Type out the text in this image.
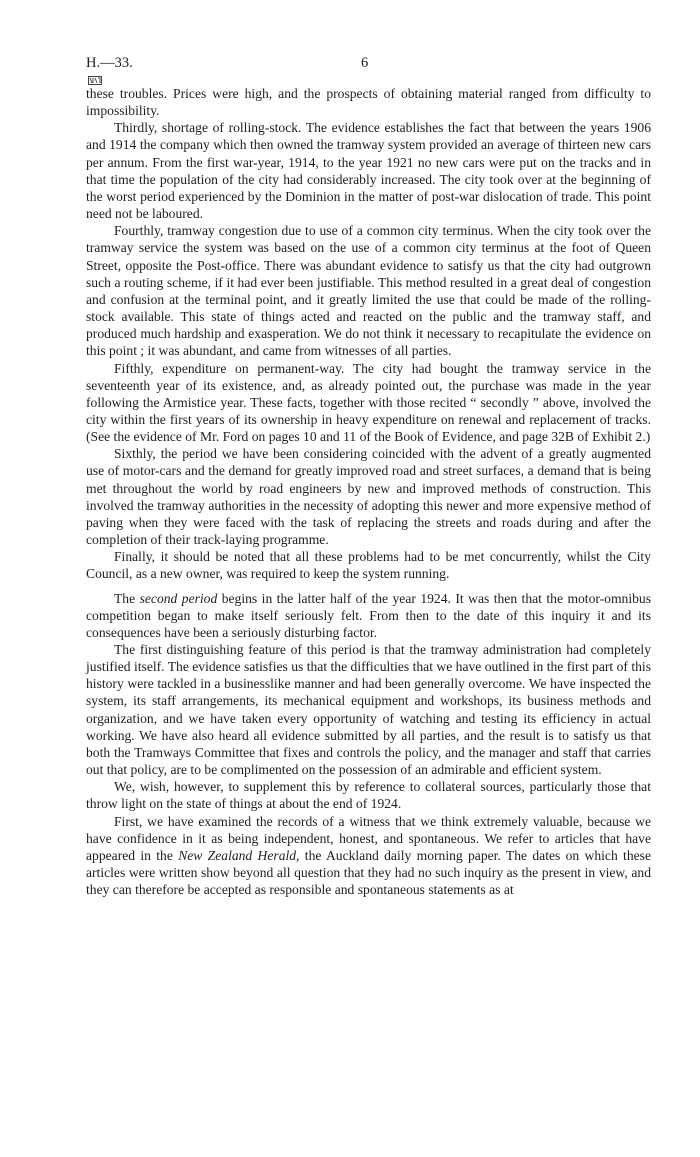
H.—33.	6

these troubles. Prices were high, and the prospects of obtaining material ranged from difficulty to impossibility.

Thirdly, shortage of rolling-stock. The evidence establishes the fact that between the years 1906 and 1914 the company which then owned the tramway system provided an average of thirteen new cars per annum. From the first war-year, 1914, to the year 1921 no new cars were put on the tracks and in that time the population of the city had considerably increased. The city took over at the beginning of the worst period experienced by the Dominion in the matter of post-war dislocation of trade. This point need not be laboured.

Fourthly, tramway congestion due to use of a common city terminus. When the city took over the tramway service the system was based on the use of a common city terminus at the foot of Queen Street, opposite the Post-office. There was abundant evidence to satisfy us that the city had outgrown such a routing scheme, if it had ever been justifiable. This method resulted in a great deal of congestion and confusion at the terminal point, and it greatly limited the use that could be made of the rolling-stock available. This state of things acted and reacted on the public and the tramway staff, and produced much hardship and exasperation. We do not think it necessary to recapitulate the evidence on this point ; it was abundant, and came from witnesses of all parties.

Fifthly, expenditure on permanent-way. The city had bought the tramway service in the seventeenth year of its existence, and, as already pointed out, the purchase was made in the year following the Armistice year. These facts, together with those recited “ secondly ” above, involved the city within the first years of its ownership in heavy expenditure on renewal and replacement of tracks. (See the evidence of Mr. Ford on pages 10 and 11 of the Book of Evidence, and page 32B of Exhibit 2.)

Sixthly, the period we have been considering coincided with the advent of a greatly augmented use of motor-cars and the demand for greatly improved road and street surfaces, a demand that is being met throughout the world by road engineers by new and improved methods of construction. This involved the tramway authorities in the necessity of adopting this newer and more expensive method of paving when they were faced with the task of replacing the streets and roads during and after the completion of their track-laying programme.

Finally, it should be noted that all these problems had to be met concurrently, whilst the City Council, as a new owner, was required to keep the system running.

The second period begins in the latter half of the year 1924. It was then that the motor-omnibus competition began to make itself seriously felt. From then to the date of this inquiry it and its consequences have been a seriously disturbing factor.

The first distinguishing feature of this period is that the tramway administration had completely justified itself. The evidence satisfies us that the difficulties that we have outlined in the first part of this history were tackled in a businesslike manner and had been generally overcome. We have inspected the system, its staff arrangements, its mechanical equipment and workshops, its business methods and organization, and we have taken every opportunity of watching and testing its efficiency in actual working. We have also heard all evidence submitted by all parties, and the result is to satisfy us that both the Tramways Committee that fixes and controls the policy, and the manager and staff that carries out that policy, are to be complimented on the possession of an admirable and efficient system.

We, wish, however, to supplement this by reference to collateral sources, particularly those that throw light on the state of things at about the end of 1924.

First, we have examined the records of a witness that we think extremely valuable, because we have confidence in it as being independent, honest, and spontaneous. We refer to articles that have appeared in the New Zealand Herald, the Auckland daily morning paper. The dates on which these articles were written show beyond all question that they had no such inquiry as the present in view, and they can therefore be accepted as responsible and spontaneous statements as at
